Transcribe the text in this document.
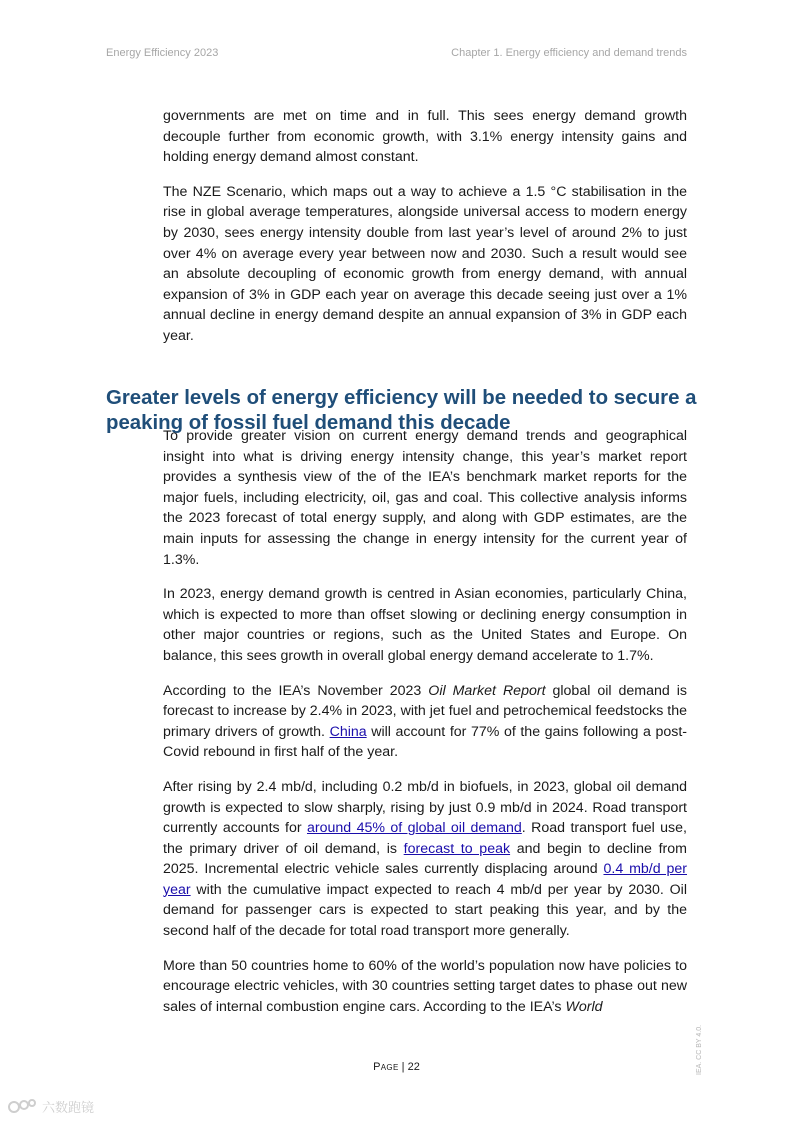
Energy Efficiency 2023	Chapter 1. Energy efficiency and demand trends

governments are met on time and in full. This sees energy demand growth decouple further from economic growth, with 3.1% energy intensity gains and holding energy demand almost constant.

The NZE Scenario, which maps out a way to achieve a 1.5 °C stabilisation in the rise in global average temperatures, alongside universal access to modern energy by 2030, sees energy intensity double from last year’s level of around 2% to just over 4% on average every year between now and 2030. Such a result would see an absolute decoupling of economic growth from energy demand, with annual expansion of 3% in GDP each year on average this decade seeing just over a 1% annual decline in energy demand despite an annual expansion of 3% in GDP each year.

Greater levels of energy efficiency will be needed to secure a peaking of fossil fuel demand this decade

To provide greater vision on current energy demand trends and geographical insight into what is driving energy intensity change, this year’s market report provides a synthesis view of the of the IEA’s benchmark market reports for the major fuels, including electricity, oil, gas and coal. This collective analysis informs the 2023 forecast of total energy supply, and along with GDP estimates, are the main inputs for assessing the change in energy intensity for the current year of 1.3%.

In 2023, energy demand growth is centred in Asian economies, particularly China, which is expected to more than offset slowing or declining energy consumption in other major countries or regions, such as the United States and Europe. On balance, this sees growth in overall global energy demand accelerate to 1.7%.

According to the IEA’s November 2023 Oil Market Report global oil demand is forecast to increase by 2.4% in 2023, with jet fuel and petrochemical feedstocks the primary drivers of growth. China will account for 77% of the gains following a post-Covid rebound in first half of the year.

After rising by 2.4 mb/d, including 0.2 mb/d in biofuels, in 2023, global oil demand growth is expected to slow sharply, rising by just 0.9 mb/d in 2024. Road transport currently accounts for around 45% of global oil demand. Road transport fuel use, the primary driver of oil demand, is forecast to peak and begin to decline from 2025. Incremental electric vehicle sales currently displacing around 0.4 mb/d per year with the cumulative impact expected to reach 4 mb/d per year by 2030. Oil demand for passenger cars is expected to start peaking this year, and by the second half of the decade for total road transport more generally.

More than 50 countries home to 60% of the world’s population now have policies to encourage electric vehicles, with 30 countries setting target dates to phase out new sales of internal combustion engine cars. According to the IEA’s World

Page | 22	IEA. CC BY 4.0.
六数跑镜
